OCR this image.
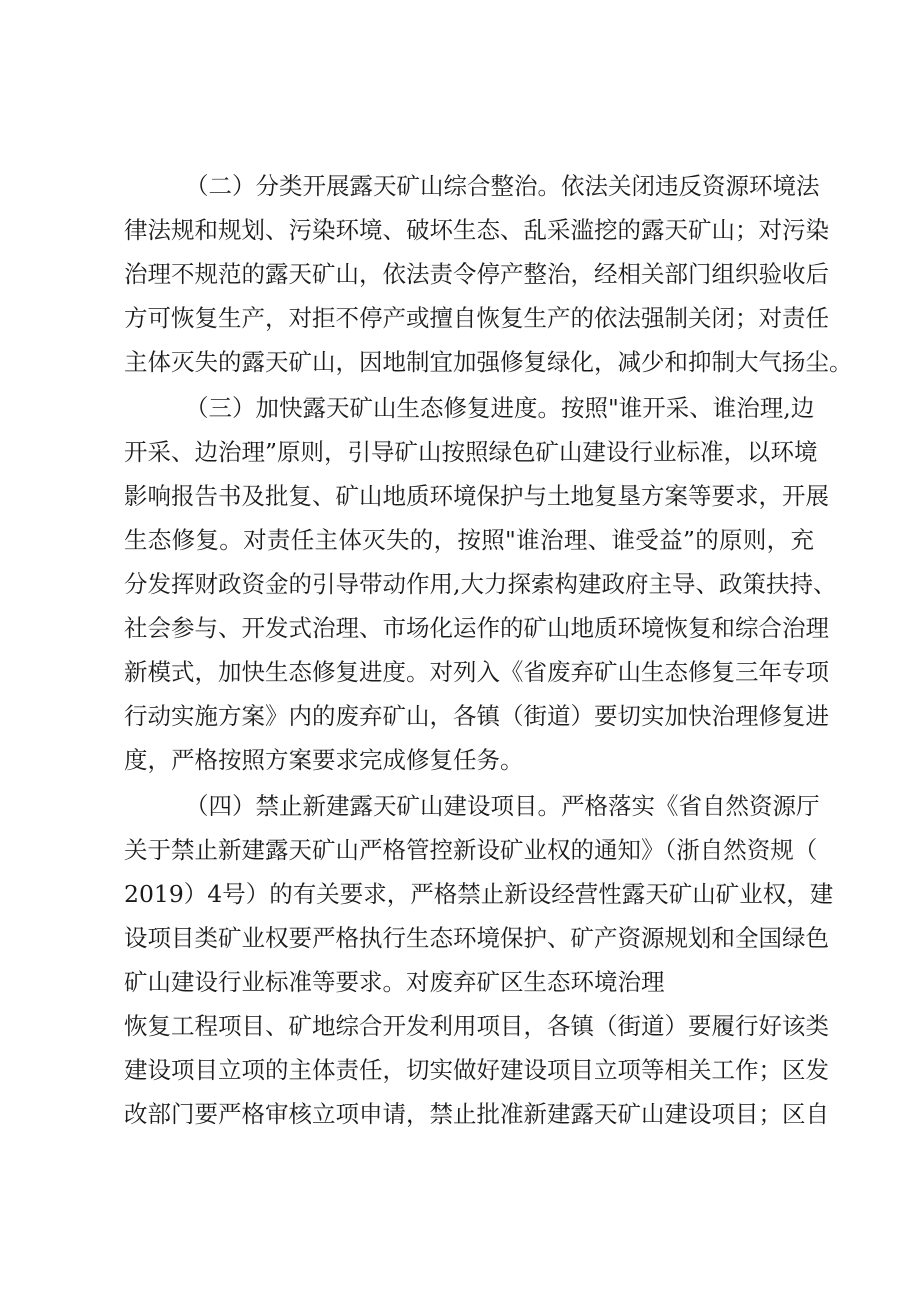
（二）分类开展露天矿山综合整治。依法关闭违反资源环境法
律法规和规划、污染环境、破坏生态、乱采滥挖的露天矿山；对污染
治理不规范的露天矿山，依法责令停产整治，经相关部门组织验收后
方可恢复生产，对拒不停产或擅自恢复生产的依法强制关闭；对责任
主体灭失的露天矿山，因地制宜加强修复绿化，减少和抑制大气扬尘。
（三）加快露天矿山生态修复进度。按照"谁开采、谁治理,边
开采、边治理”原则，引导矿山按照绿色矿山建设行业标准，以环境
影响报告书及批复、矿山地质环境保护与土地复垦方案等要求，开展
生态修复。对责任主体灭失的，按照"谁治理、谁受益”的原则，充
分发挥财政资金的引导带动作用,大力探索构建政府主导、政策扶持、
社会参与、开发式治理、市场化运作的矿山地质环境恢复和综合治理
新模式，加快生态修复进度。对列入《省废弃矿山生态修复三年专项
行动实施方案》内的废弃矿山，各镇（街道）要切实加快治理修复进
度，严格按照方案要求完成修复任务。
（四）禁止新建露天矿山建设项目。严格落实《省自然资源厅
关于禁止新建露天矿山严格管控新设矿业权的通知》（浙自然资规（
2019）4号）的有关要求，严格禁止新设经营性露天矿山矿业权，建
设项目类矿业权要严格执行生态环境保护、矿产资源规划和全国绿色
矿山建设行业标准等要求。对废弃矿区生态环境治理
恢复工程项目、矿地综合开发利用项目，各镇（街道）要履行好该类
建设项目立项的主体责任，切实做好建设项目立项等相关工作；区发
改部门要严格审核立项申请，禁止批准新建露天矿山建设项目；区自
